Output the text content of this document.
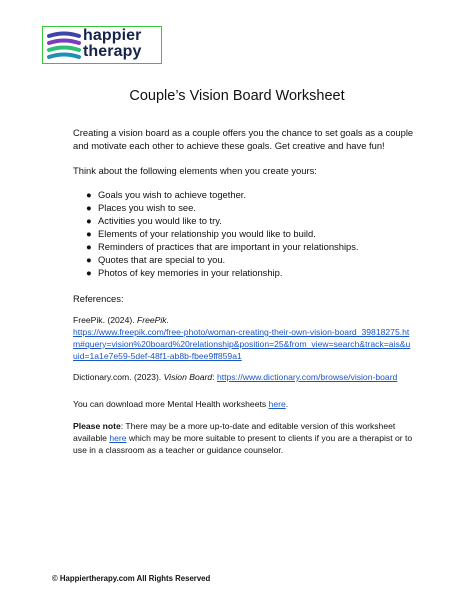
happier
therapy
Couple’s Vision Board Worksheet

Creating a vision board as a couple offers you the chance to set goals as a couple and motivate each other to achieve these goals. Get creative and have fun!

Think about the following elements when you create yours:

● Goals you wish to achieve together.
● Places you wish to see.
● Activities you would like to try.
● Elements of your relationship you would like to build.
● Reminders of practices that are important in your relationships.
● Quotes that are special to you.
● Photos of key memories in your relationship.

References:

FreePik. (2024). FreePik.
https://www.freepik.com/free-photo/woman-creating-their-own-vision-board_39818275.htm#query=vision%20board%20relationship&position=25&from_view=search&track=ais&uuid=1a1e7e59-5def-48f1-ab8b-fbee9ff859a1

Dictionary.com. (2023). Vision Board: https://www.dictionary.com/browse/vision-board

You can download more Mental Health worksheets here.

Please note: There may be a more up-to-date and editable version of this worksheet available here which may be more suitable to present to clients if you are a therapist or to use in a classroom as a teacher or guidance counselor.

© Happiertherapy.com All Rights Reserved
